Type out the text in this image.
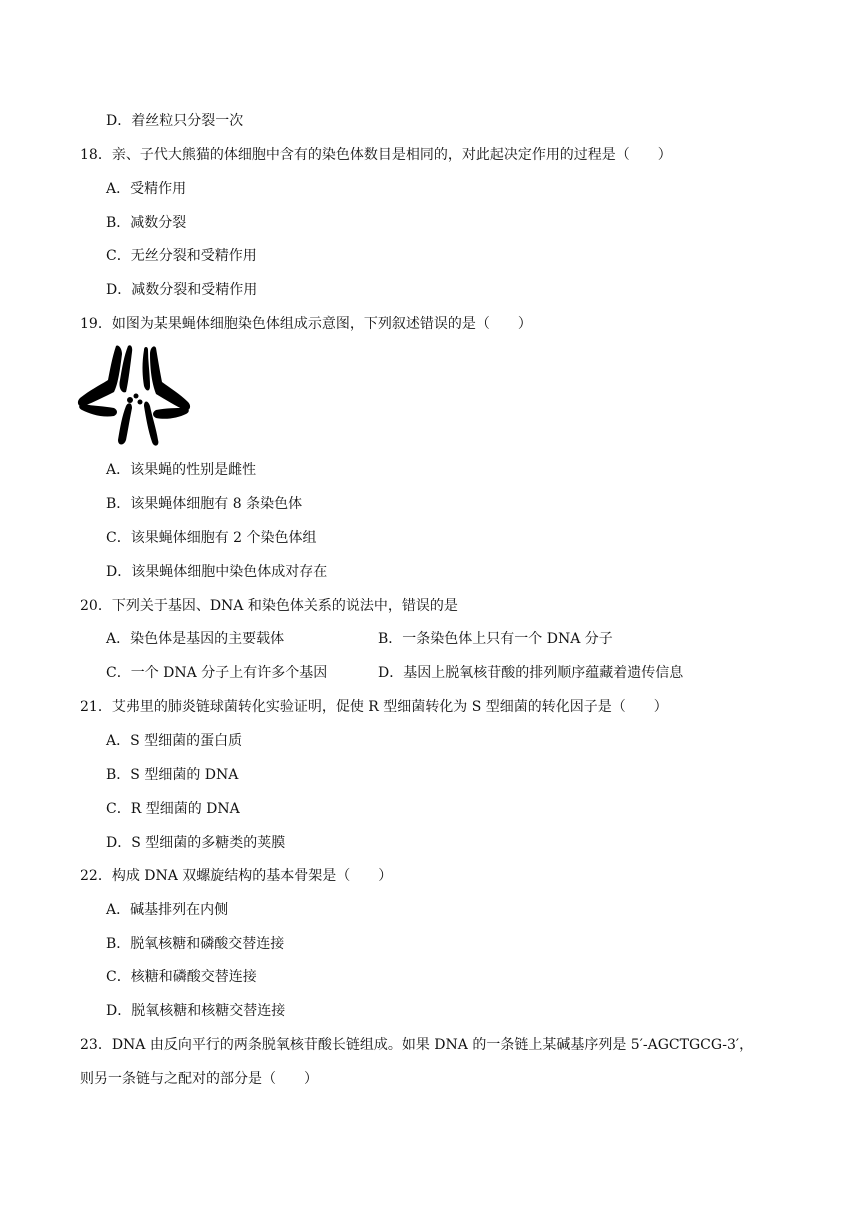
D．着丝粒只分裂一次
18．亲、子代大熊猫的体细胞中含有的染色体数目是相同的，对此起决定作用的过程是（　　）
A．受精作用
B．减数分裂
C．无丝分裂和受精作用
D．减数分裂和受精作用
19．如图为某果蝇体细胞染色体组成示意图，下列叙述错误的是（　　）
A．该果蝇的性别是雌性
B．该果蝇体细胞有 8 条染色体
C．该果蝇体细胞有 2 个染色体组
D．该果蝇体细胞中染色体成对存在
20．下列关于基因、DNA 和染色体关系的说法中，错误的是
A．染色体是基因的主要载体	B．一条染色体上只有一个 DNA 分子
C．一个 DNA 分子上有许多个基因	D．基因上脱氧核苷酸的排列顺序蕴藏着遗传信息
21．艾弗里的肺炎链球菌转化实验证明，促使 R 型细菌转化为 S 型细菌的转化因子是（　　）
A．S 型细菌的蛋白质
B．S 型细菌的 DNA
C．R 型细菌的 DNA
D．S 型细菌的多糖类的荚膜
22．构成 DNA 双螺旋结构的基本骨架是（　　）
A．碱基排列在内侧
B．脱氧核糖和磷酸交替连接
C．核糖和磷酸交替连接
D．脱氧核糖和核糖交替连接
23．DNA 由反向平行的两条脱氧核苷酸长链组成。如果 DNA 的一条链上某碱基序列是 5′-AGCTGCG-3′，
则另一条链与之配对的部分是（　　）
